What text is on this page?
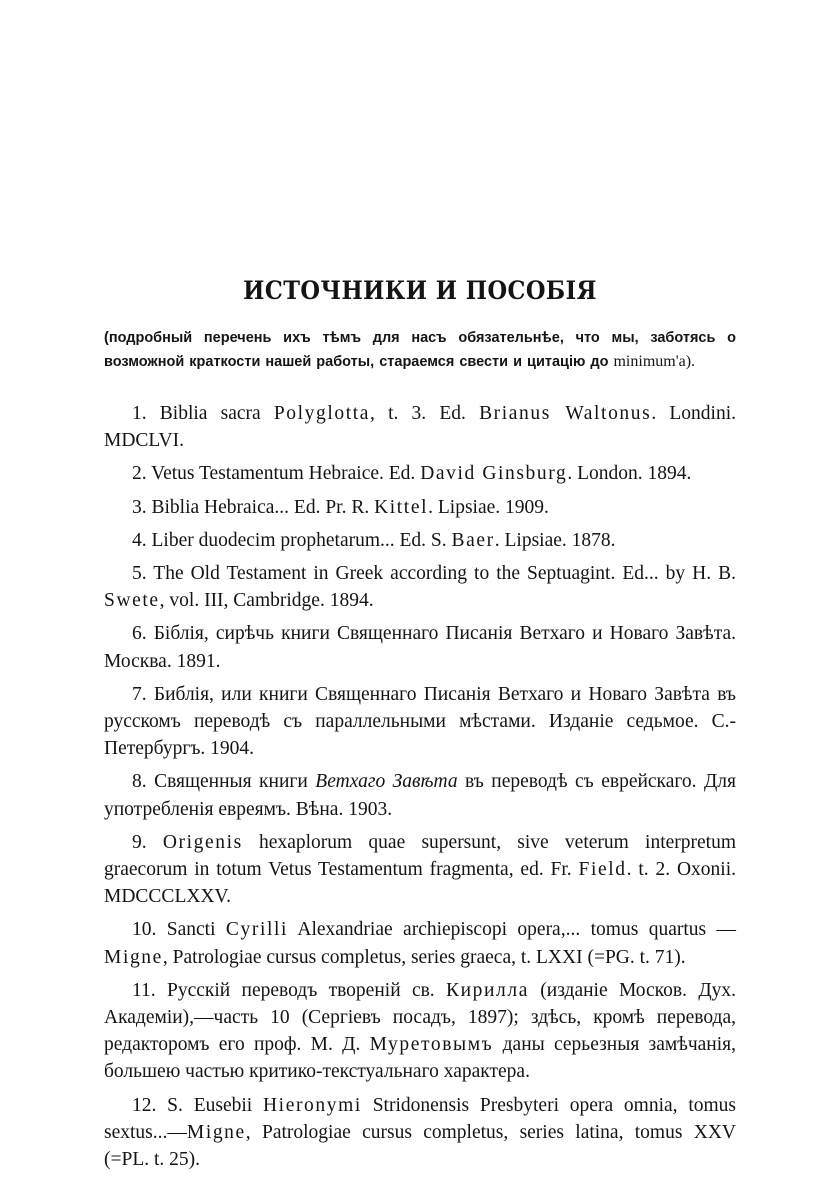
ИСТОЧНИКИ И ПОСОБІЯ

(подробный перечень ихъ тѣмъ для насъ обязательнѣе, что мы, заботясь о возможной краткости нашей работы, стараемся свести и цитацію до minimum'a).

1. Biblia sacra Polyglotta, t. 3. Ed. Brianus Waltonus. Londini. MDCLVI.
2. Vetus Testamentum Hebraice. Ed. David Ginsburg. London. 1894.
3. Biblia Hebraica... Ed. Pr. R. Kittel. Lipsiae. 1909.
4. Liber duodecim prophetarum... Ed. S. Baer. Lipsiae. 1878.
5. The Old Testament in Greek according to the Septuagint. Ed... by H. B. Swete, vol. III, Cambridge. 1894.
6. Біблія, сирѣчь книги Священнаго Писанія Ветхаго и Новаго Завѣта. Москва. 1891.
7. Библія, или книги Священнаго Писанія Ветхаго и Новаго Завѣта въ русскомъ переводѣ съ параллельными мѣстами. Изданіе седьмое. С.-Петербургъ. 1904.
8. Священныя книги Ветхаго Завѣта въ переводѣ съ еврейскаго. Для употребленія евреямъ. Вѣна. 1903.
9. Origenis hexaplorum quae supersunt, sive veterum interpretum graecorum in totum Vetus Testamentum fragmenta, ed. Fr. Field. t. 2. Oxonii. MDCCCLXXV.
10. Sancti Cyrilli Alexandriae archiepiscopi opera,... tomus quartus — Migne, Patrologiae cursus completus, series graeca, t. LXXI (=PG. t. 71).
11. Русскій переводъ твореній св. Кирилла (изданіе Москов. Дух. Академіи),—часть 10 (Сергіевъ посадъ, 1897); здѣсь, кромѣ перевода, редакторомъ его проф. М. Д. Муретовымъ даны серьезныя замѣчанія, большею частью критико-текстуальнаго характера.
12. S. Eusebii Hieronymi Stridonensis Presbyteri opera omnia, tomus sextus...—Migne, Patrologiae cursus completus, series latina, tomus XXV (=PL. t. 25).
